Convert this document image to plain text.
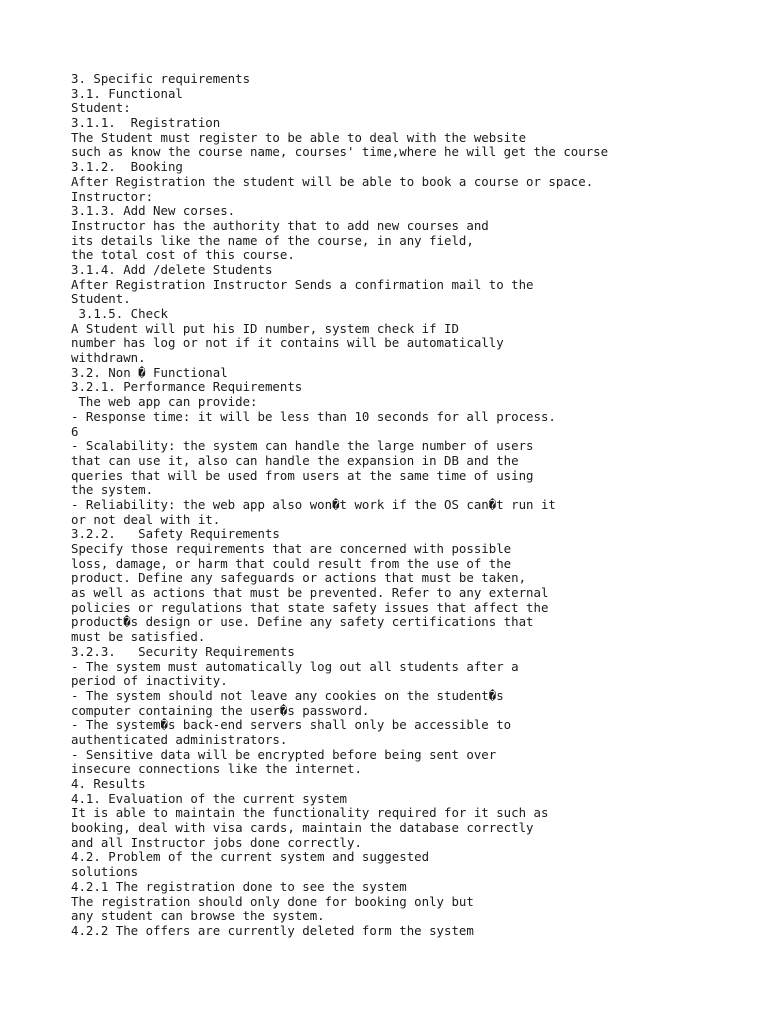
3. Specific requirements
3.1. Functional
Student:
3.1.1.  Registration
The Student must register to be able to deal with the website
such as know the course name, courses' time,where he will get the course
3.1.2.  Booking
After Registration the student will be able to book a course or space.
Instructor:
3.1.3. Add New corses.
Instructor has the authority that to add new courses and
its details like the name of the course, in any field,
the total cost of this course.
3.1.4. Add /delete Students
After Registration Instructor Sends a confirmation mail to the
Student.
3.1.5. Check
A Student will put his ID number, system check if ID
number has log or not if it contains will be automatically
withdrawn.
3.2. Non � Functional
3.2.1. Performance Requirements
The web app can provide:
- Response time: it will be less than 10 seconds for all process.
6
- Scalability: the system can handle the large number of users
that can use it, also can handle the expansion in DB and the
queries that will be used from users at the same time of using
the system.
- Reliability: the web app also won�t work if the OS can�t run it
or not deal with it.
3.2.2.   Safety Requirements
Specify those requirements that are concerned with possible
loss, damage, or harm that could result from the use of the
product. Define any safeguards or actions that must be taken,
as well as actions that must be prevented. Refer to any external
policies or regulations that state safety issues that affect the
product�s design or use. Define any safety certifications that
must be satisfied.
3.2.3.   Security Requirements
- The system must automatically log out all students after a
period of inactivity.
- The system should not leave any cookies on the student�s
computer containing the user�s password.
- The system�s back-end servers shall only be accessible to
authenticated administrators.
- Sensitive data will be encrypted before being sent over
insecure connections like the internet.
4. Results
4.1. Evaluation of the current system
It is able to maintain the functionality required for it such as
booking, deal with visa cards, maintain the database correctly
and all Instructor jobs done correctly.
4.2. Problem of the current system and suggested
solutions
4.2.1 The registration done to see the system
The registration should only done for booking only but
any student can browse the system.
4.2.2 The offers are currently deleted form the system
